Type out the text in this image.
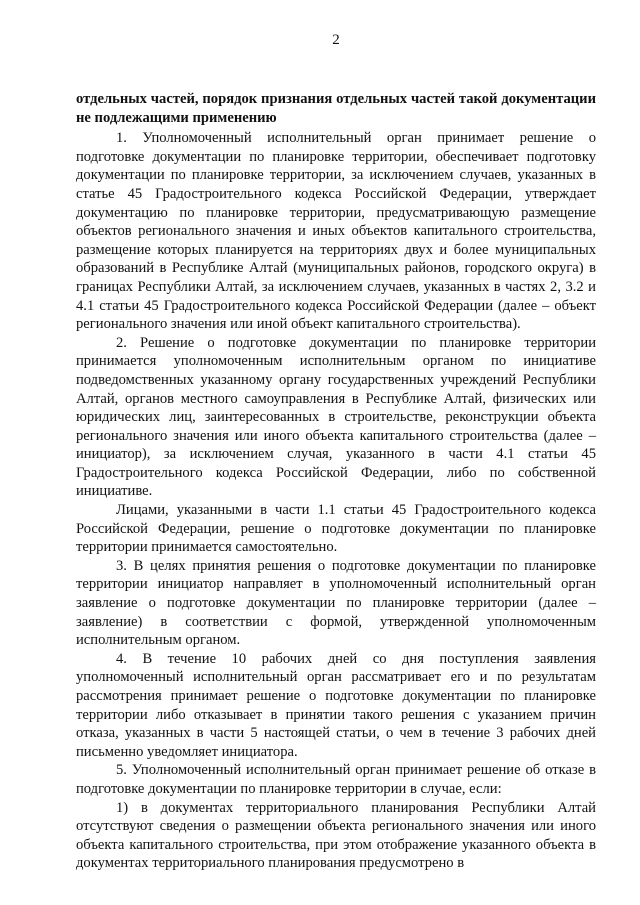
2

отдельных частей, порядок признания отдельных частей такой документации не подлежащими применению

1. Уполномоченный исполнительный орган принимает решение о подготовке документации по планировке территории, обеспечивает подготовку документации по планировке территории, за исключением случаев, указанных в статье 45 Градостроительного кодекса Российской Федерации, утверждает документацию по планировке территории, предусматривающую размещение объектов регионального значения и иных объектов капитального строительства, размещение которых планируется на территориях двух и более муниципальных образований в Республике Алтай (муниципальных районов, городского округа) в границах Республики Алтай, за исключением случаев, указанных в частях 2, 3.2 и 4.1 статьи 45 Градостроительного кодекса Российской Федерации (далее – объект регионального значения или иной объект капитального строительства).

2. Решение о подготовке документации по планировке территории принимается уполномоченным исполнительным органом по инициативе подведомственных указанному органу государственных учреждений Республики Алтай, органов местного самоуправления в Республике Алтай, физических или юридических лиц, заинтересованных в строительстве, реконструкции объекта регионального значения или иного объекта капитального строительства (далее – инициатор), за исключением случая, указанного в части 4.1 статьи 45 Градостроительного кодекса Российской Федерации, либо по собственной инициативе.

Лицами, указанными в части 1.1 статьи 45 Градостроительного кодекса Российской Федерации, решение о подготовке документации по планировке территории принимается самостоятельно.

3. В целях принятия решения о подготовке документации по планировке территории инициатор направляет в уполномоченный исполнительный орган заявление о подготовке документации по планировке территории (далее – заявление) в соответствии с формой, утвержденной уполномоченным исполнительным органом.

4. В течение 10 рабочих дней со дня поступления заявления уполномоченный исполнительный орган рассматривает его и по результатам рассмотрения принимает решение о подготовке документации по планировке территории либо отказывает в принятии такого решения с указанием причин отказа, указанных в части 5 настоящей статьи, о чем в течение 3 рабочих дней письменно уведомляет инициатора.

5. Уполномоченный исполнительный орган принимает решение об отказе в подготовке документации по планировке территории в случае, если:

1) в документах территориального планирования Республики Алтай отсутствуют сведения о размещении объекта регионального значения или иного объекта капитального строительства, при этом отображение указанного объекта в документах территориального планирования предусмотрено в
